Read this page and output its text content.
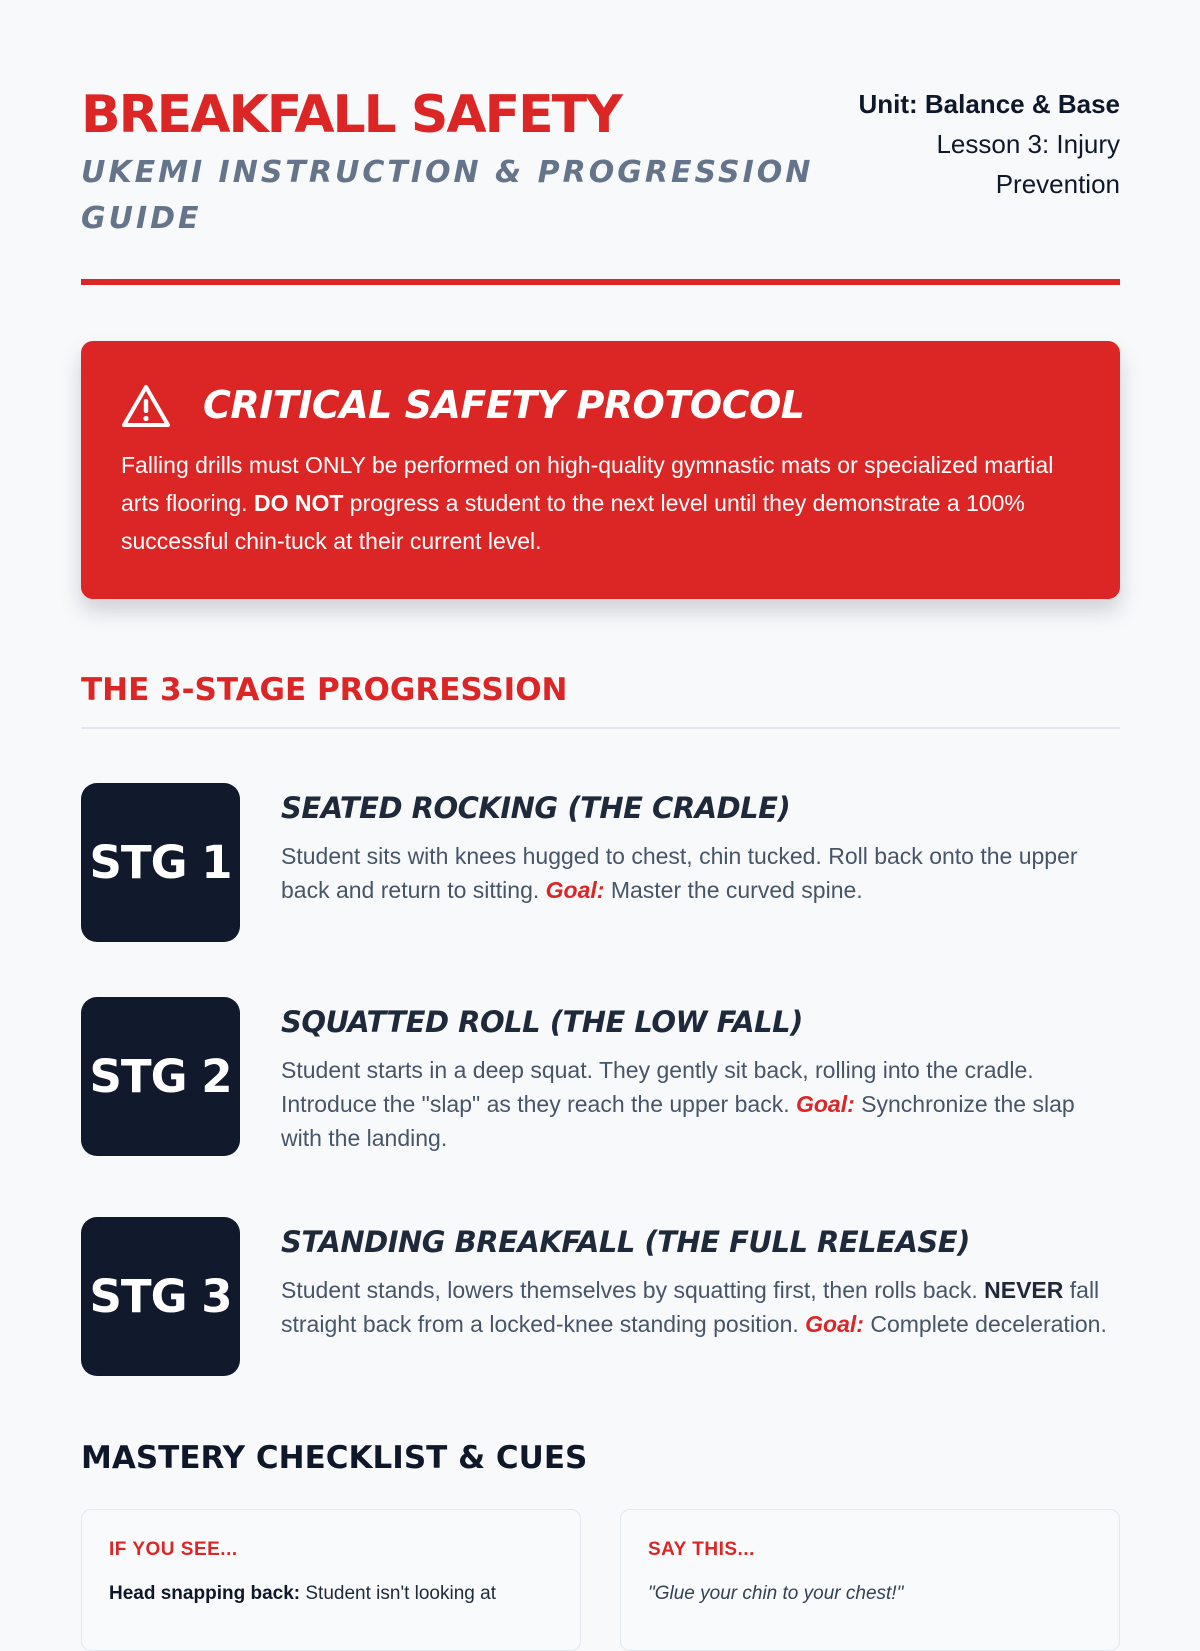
BREAKFALL SAFETY
UKEMI INSTRUCTION & PROGRESSION GUIDE
Unit: Balance & Base
Lesson 3: Injury Prevention
CRITICAL SAFETY PROTOCOL

Falling drills must ONLY be performed on high-quality gymnastic mats or specialized martial arts flooring. DO NOT progress a student to the next level until they demonstrate a 100% successful chin-tuck at their current level.

THE 3-STAGE PROGRESSION
STG 1
SEATED ROCKING (THE CRADLE)

Student sits with knees hugged to chest, chin tucked. Roll back onto the upper back and return to sitting. Goal: Master the curved spine.

STG 2
SQUATTED ROLL (THE LOW FALL)

Student starts in a deep squat. They gently sit back, rolling into the cradle. Introduce the "slap" as they reach the upper back. Goal: Synchronize the slap with the landing.

STG 3
STANDING BREAKFALL (THE FULL RELEASE)

Student stands, lowers themselves by squatting first, then rolls back. NEVER fall straight back from a locked-knee standing position. Goal: Complete deceleration.

MASTERY CHECKLIST & CUES
IF YOU SEE...

Head snapping back: Student isn't looking at

SAY THIS...

"Glue your chin to your chest!"
